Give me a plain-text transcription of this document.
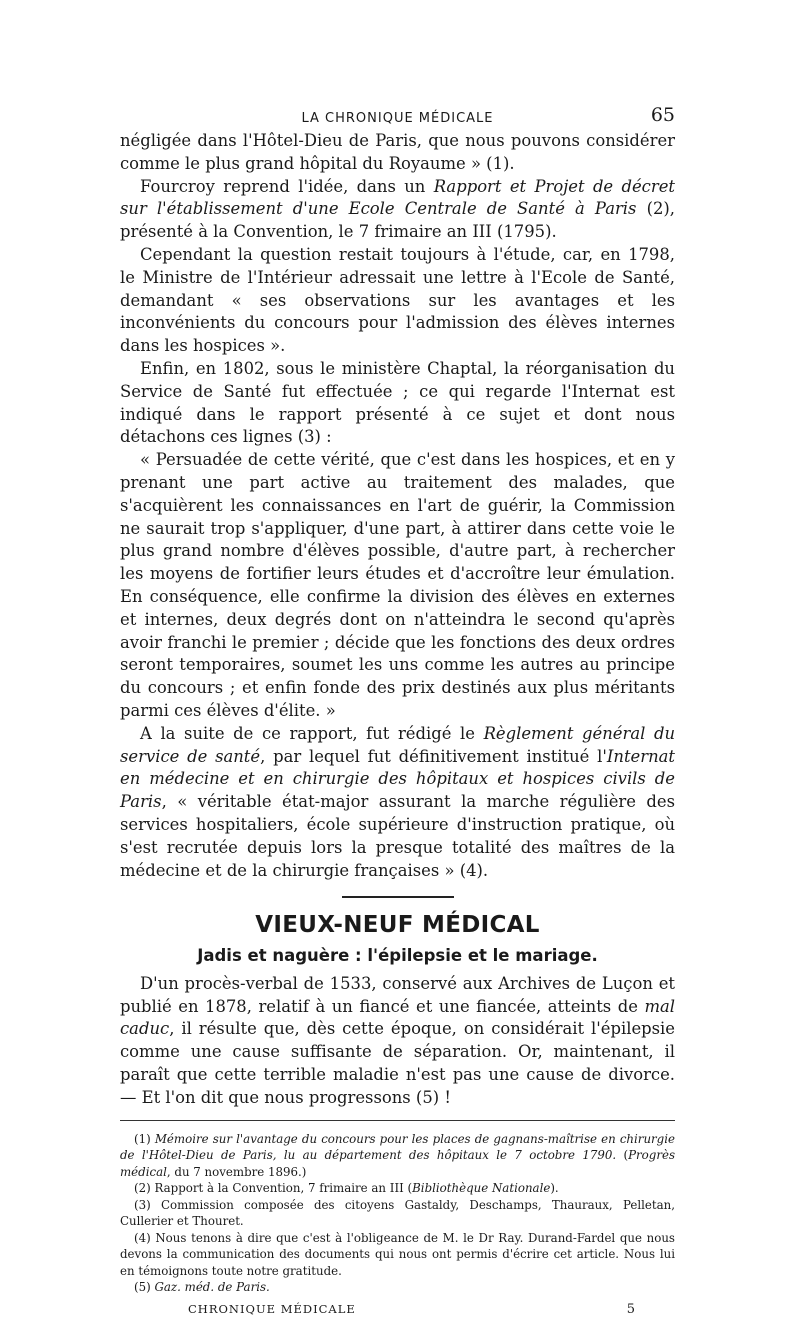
LA CHRONIQUE MÉDICALE	65

négligée dans l'Hôtel-Dieu de Paris, que nous pouvons considérer comme le plus grand hôpital du Royaume » (1).

Fourcroy reprend l'idée, dans un Rapport et Projet de décret sur l'établissement d'une Ecole Centrale de Santé à Paris (2), présenté à la Convention, le 7 frimaire an III (1795).

Cependant la question restait toujours à l'étude, car, en 1798, le Ministre de l'Intérieur adressait une lettre à l'Ecole de Santé, demandant « ses observations sur les avantages et les inconvénients du concours pour l'admission des élèves internes dans les hospices ».

Enfin, en 1802, sous le ministère Chaptal, la réorganisation du Service de Santé fut effectuée ; ce qui regarde l'Internat est indiqué dans le rapport présenté à ce sujet et dont nous détachons ces lignes (3) :

« Persuadée de cette vérité, que c'est dans les hospices, et en y prenant une part active au traitement des malades, que s'acquièrent les connaissances en l'art de guérir, la Commission ne saurait trop s'appliquer, d'une part, à attirer dans cette voie le plus grand nombre d'élèves possible, d'autre part, à rechercher les moyens de fortifier leurs études et d'accroître leur émulation. En conséquence, elle confirme la division des élèves en externes et internes, deux degrés dont on n'atteindra le second qu'après avoir franchi le premier ; décide que les fonctions des deux ordres seront temporaires, soumet les uns comme les autres au principe du concours ; et enfin fonde des prix destinés aux plus méritants parmi ces élèves d'élite. »

A la suite de ce rapport, fut rédigé le Règlement général du service de santé, par lequel fut définitivement institué l'Internat en médecine et en chirurgie des hôpitaux et hospices civils de Paris, « véritable état-major assurant la marche régulière des services hospitaliers, école supérieure d'instruction pratique, où s'est recrutée depuis lors la presque totalité des maîtres de la médecine et de la chirurgie françaises » (4).

VIEUX-NEUF MÉDICAL
Jadis et naguère : l'épilepsie et le mariage.

D'un procès-verbal de 1533, conservé aux Archives de Luçon et publié en 1878, relatif à un fiancé et une fiancée, atteints de mal caduc, il résulte que, dès cette époque, on considérait l'épilepsie comme une cause suffisante de séparation. Or, maintenant, il paraît que cette terrible maladie n'est pas une cause de divorce. — Et l'on dit que nous progressons (5) !

(1) Mémoire sur l'avantage du concours pour les places de gagnans-maîtrise en chirurgie de l'Hôtel-Dieu de Paris, lu au département des hôpitaux le 7 octobre 1790. (Progrès médical, du 7 novembre 1896.)

(2) Rapport à la Convention, 7 frimaire an III (Bibliothèque Nationale).

(3) Commission composée des citoyens Gastaldy, Deschamps, Thauraux, Pelletan, Cullerier et Thouret.

(4) Nous tenons à dire que c'est à l'obligeance de M. le Dr Ray. Durand-Fardel que nous devons la communication des documents qui nous ont permis d'écrire cet article. Nous lui en témoignons toute notre gratitude.

(5) Gaz. méd. de Paris.

CHRONIQUE MÉDICALE	5
